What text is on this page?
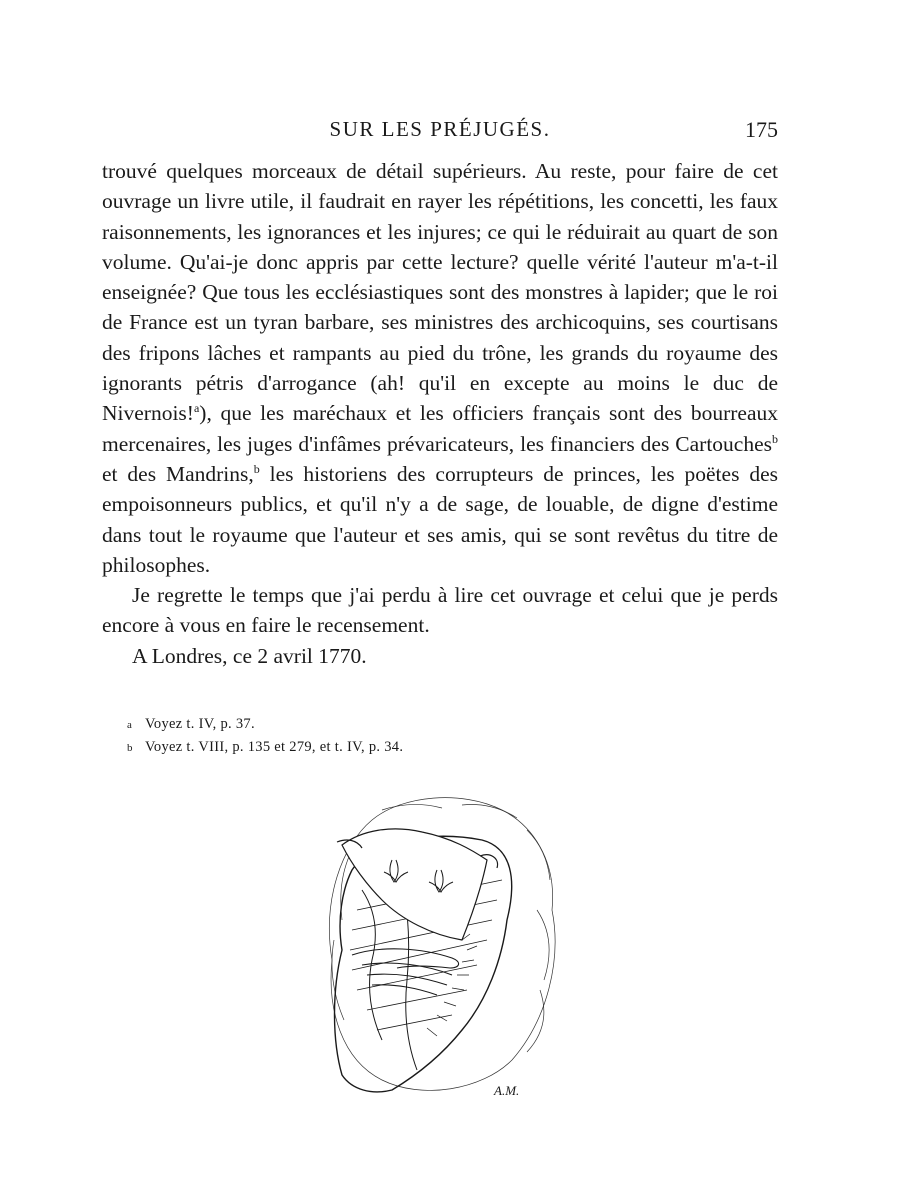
SUR LES PRÉJUGÉS.	175

trouvé quelques morceaux de détail supérieurs. Au reste, pour faire de cet ouvrage un livre utile, il faudrait en rayer les répétitions, les concetti, les faux raisonnements, les ignorances et les injures; ce qui le réduirait au quart de son volume. Qu'ai-je donc appris par cette lecture? quelle vérité l'auteur m'a-t-il enseignée? Que tous les ecclésiastiques sont des monstres à lapider; que le roi de France est un tyran barbare, ses ministres des archicoquins, ses courtisans des fripons lâches et rampants au pied du trône, les grands du royaume des ignorants pétris d'arrogance (ah! qu'il en excepte au moins le duc de Nivernois!$^a$), que les maréchaux et les officiers français sont des bourreaux mercenaires, les juges d'infâmes prévaricateurs, les financiers des Cartouches$^b$ et des Mandrins,$^b$ les historiens des corrupteurs de princes, les poëtes des empoisonneurs publics, et qu'il n'y a de sage, de louable, de digne d'estime dans tout le royaume que l'auteur et ses amis, qui se sont revêtus du titre de philosophes.

Je regrette le temps que j'ai perdu à lire cet ouvrage et celui que je perds encore à vous en faire le recensement.

A Londres, ce 2 avril 1770.

a Voyez t. IV, p. 37.
b Voyez t. VIII, p. 135 et 279, et t. IV, p. 34.
A.M.
